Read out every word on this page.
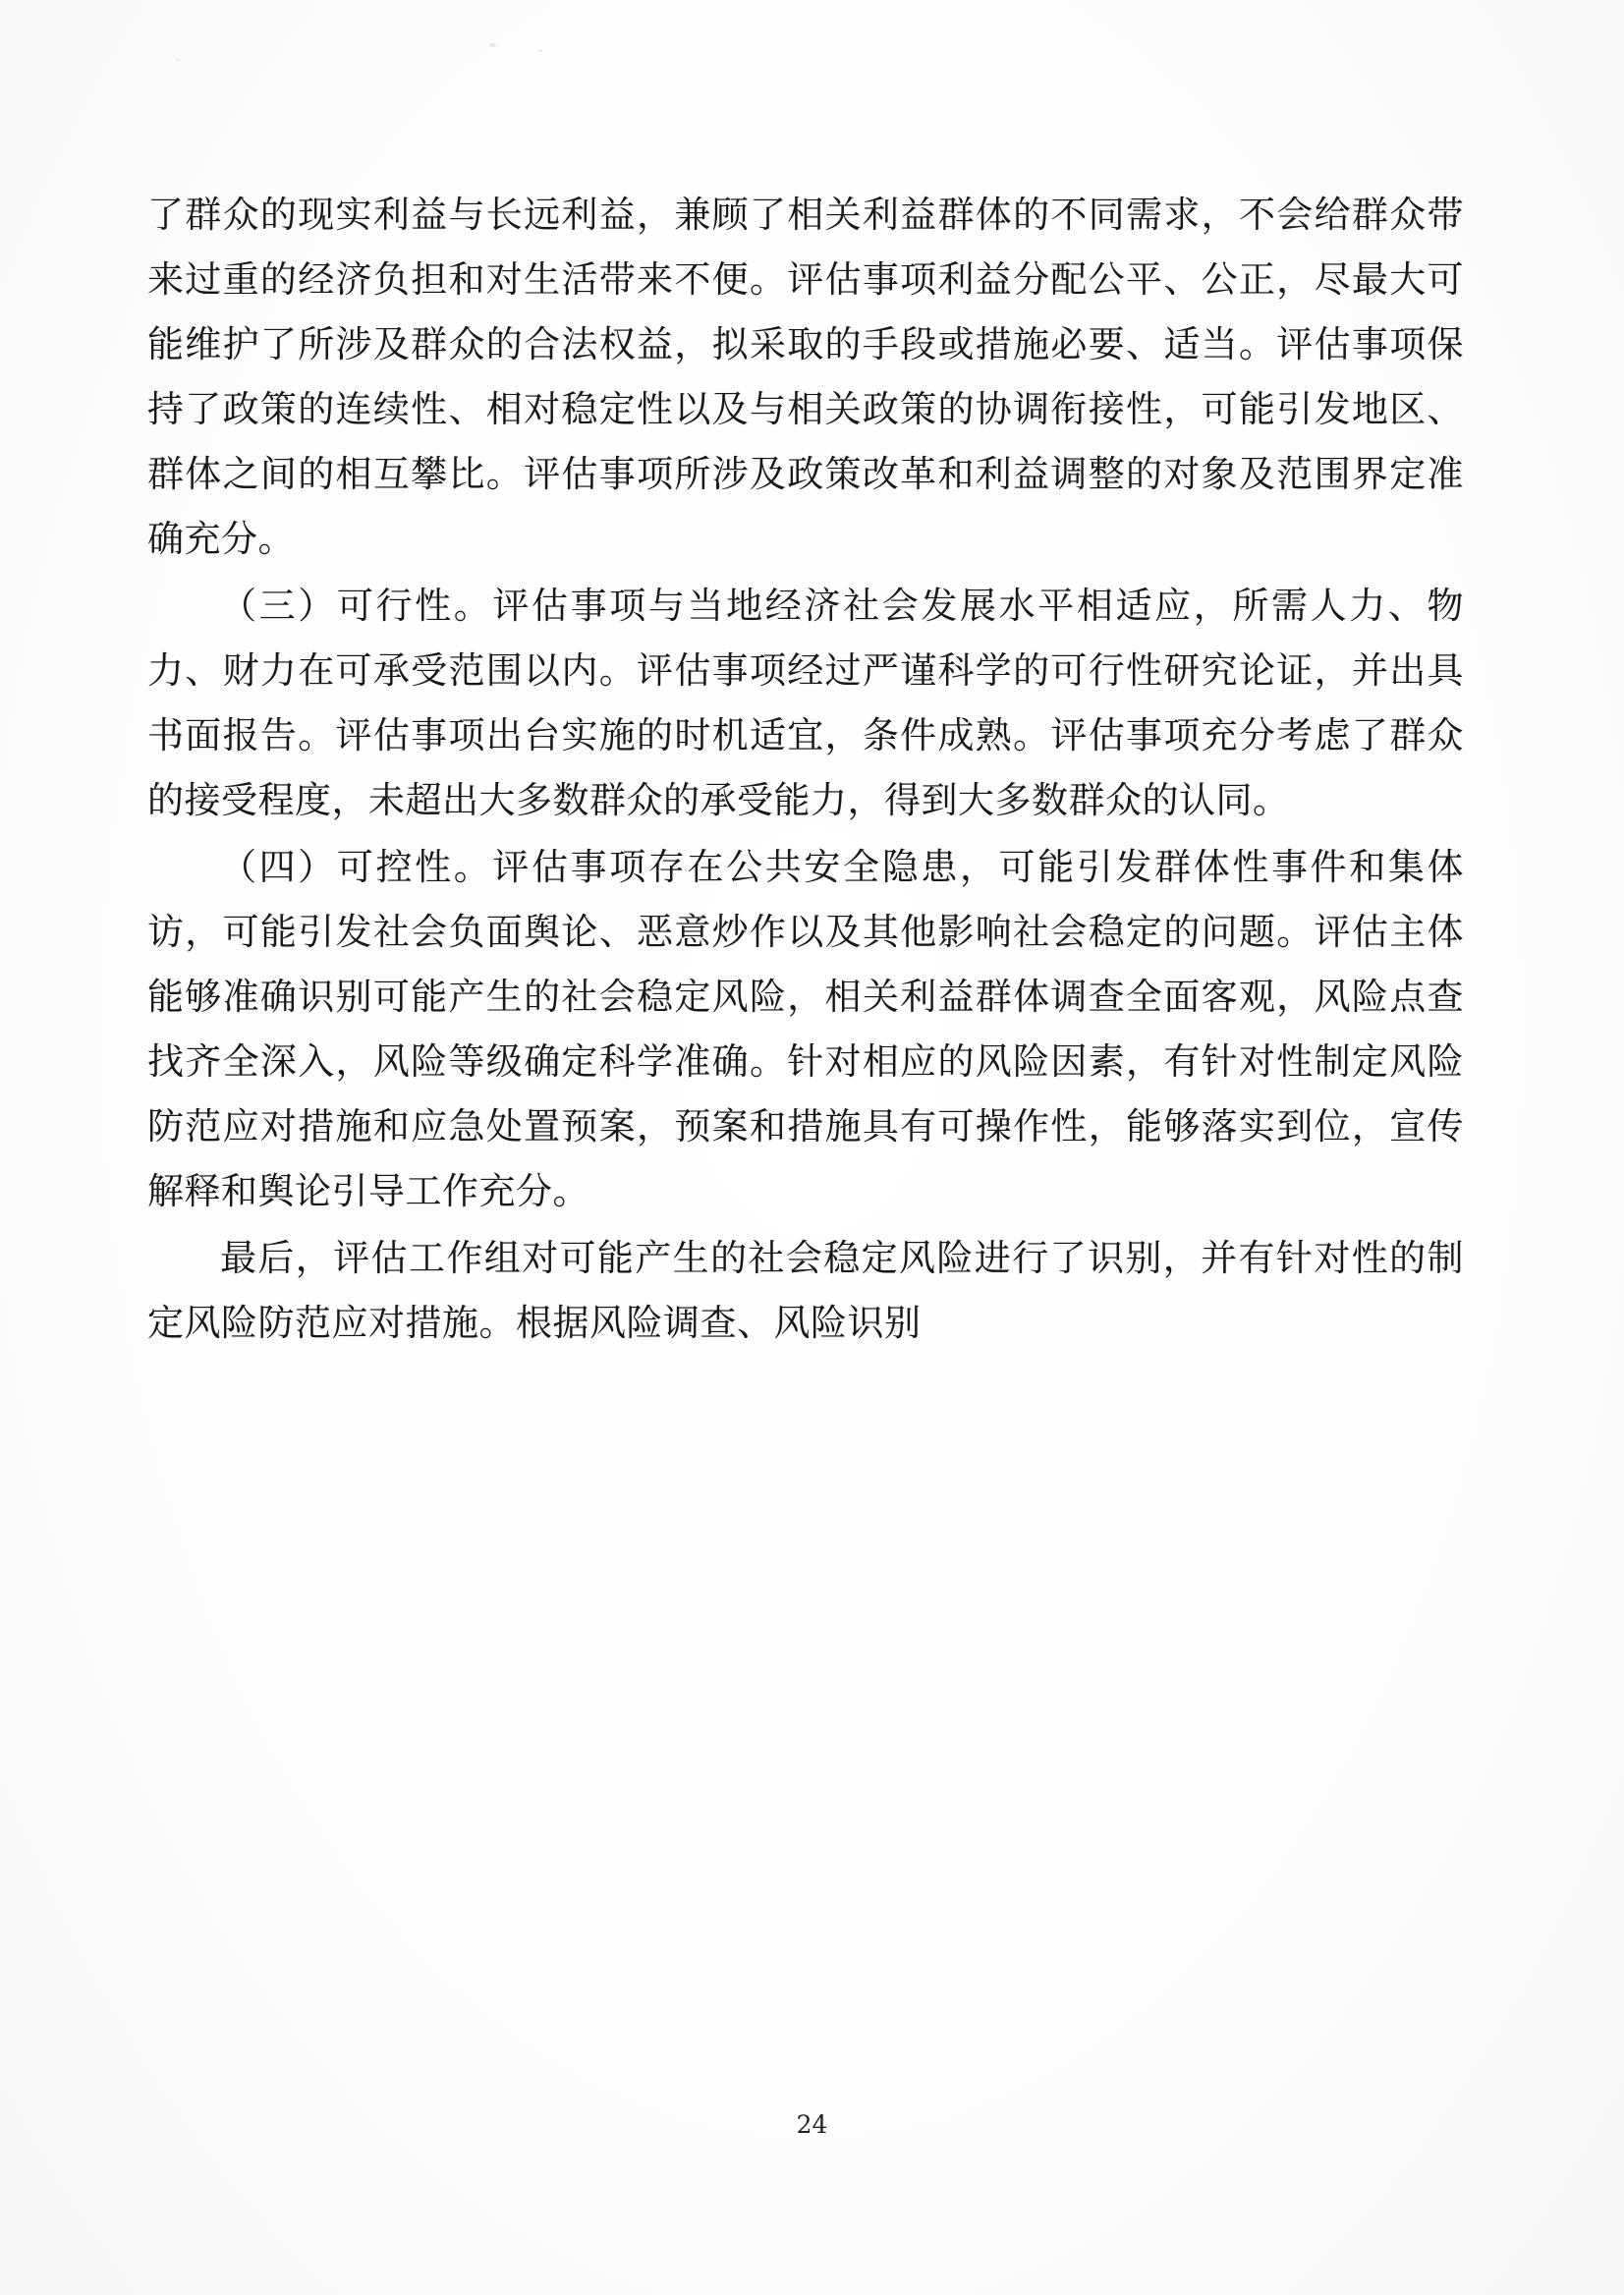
了群众的现实利益与长远利益，兼顾了相关利益群体的不同需求，不会给群众带来过重的经济负担和对生活带来不便。评估事项利益分配公平、公正，尽最大可能维护了所涉及群众的合法权益，拟采取的手段或措施必要、适当。评估事项保持了政策的连续性、相对稳定性以及与相关政策的协调衔接性，可能引发地区、群体之间的相互攀比。评估事项所涉及政策改革和利益调整的对象及范围界定准确充分。

（三）可行性。评估事项与当地经济社会发展水平相适应，所需人力、物力、财力在可承受范围以内。评估事项经过严谨科学的可行性研究论证，并出具书面报告。评估事项出台实施的时机适宜，条件成熟。评估事项充分考虑了群众的接受程度，未超出大多数群众的承受能力，得到大多数群众的认同。

（四）可控性。评估事项存在公共安全隐患，可能引发群体性事件和集体访，可能引发社会负面舆论、恶意炒作以及其他影响社会稳定的问题。评估主体能够准确识别可能产生的社会稳定风险，相关利益群体调查全面客观，风险点查找齐全深入，风险等级确定科学准确。针对相应的风险因素，有针对性制定风险防范应对措施和应急处置预案，预案和措施具有可操作性，能够落实到位，宣传解释和舆论引导工作充分。

最后，评估工作组对可能产生的社会稳定风险进行了识别，并有针对性的制定风险防范应对措施。根据风险调查、风险识别

24
